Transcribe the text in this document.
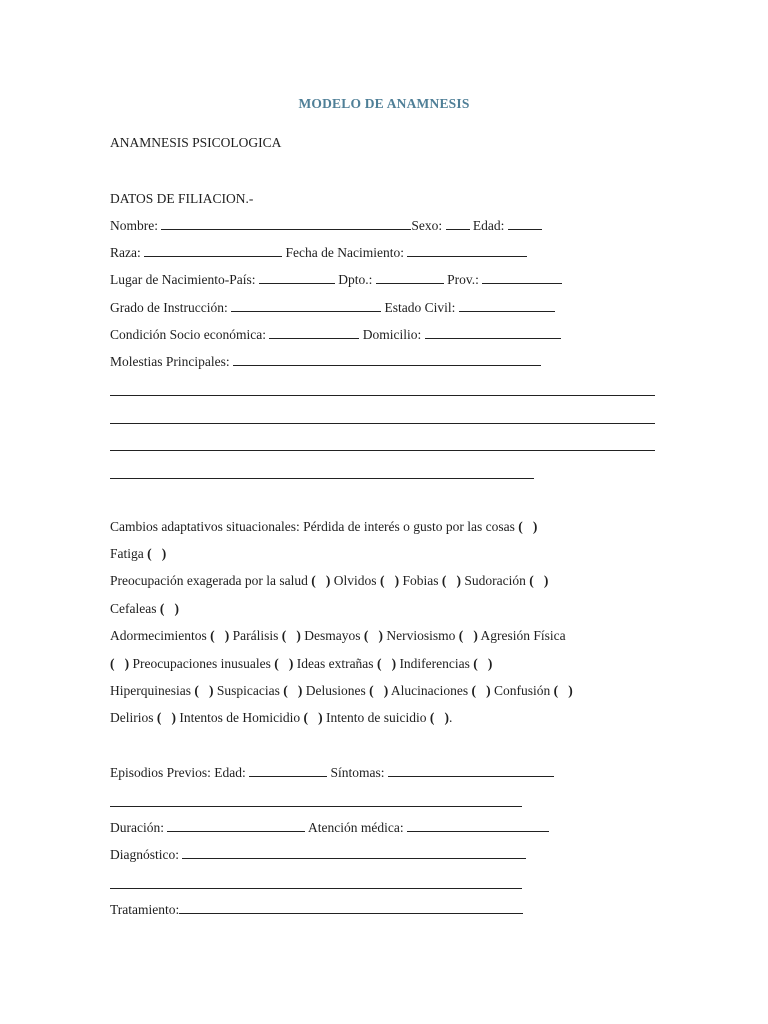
MODELO DE ANAMNESIS
ANAMNESIS PSICOLOGICA
DATOS DE FILIACION.-
Nombre:	Sexo: Edad:
Raza:	Fecha de Nacimiento:
Lugar de Nacimiento-País:	Dpto.:	Prov.:
Grado de Instrucción:	Estado Civil:
Condición Socio económica:	Domicilio:
Molestias Principales:
Cambios adaptativos situacionales: Pérdida de interés o gusto por las cosas ( )
Fatiga ( )
Preocupación exagerada por la salud ( ) Olvidos ( ) Fobias ( ) Sudoración ( )
Cefaleas ( )
Adormecimientos ( ) Parálisis ( ) Desmayos ( ) Nerviosismo ( ) Agresión Física
( ) Preocupaciones inusuales ( ) Ideas extrañas ( ) Indiferencias ( )
Hiperquinesias ( ) Suspicacias ( ) Delusiones ( ) Alucinaciones ( ) Confusión ( )
Delirios ( ) Intentos de Homicidio ( ) Intento de suicidio ( ).
Episodios Previos: Edad:	Síntomas:
Duración:	Atención médica:
Diagnóstico:
Tratamiento:
